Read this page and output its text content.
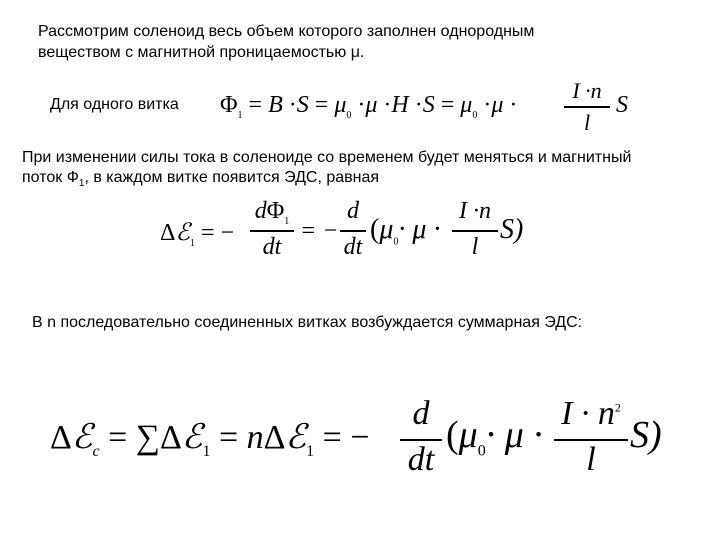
Рассмотрим соленоид весь объем которого заполнен однородным
веществом с магнитной проницаемостью μ.
Для одного витка $\Phi_1 = B \cdot S = \mu_0 \cdot\mu \cdot H \cdot S = \mu_0 \cdot\mu$ ·
I ·n
l
S
При изменении силы тока в соленоиде со временем будет меняться и магнитный
поток $Ф_1$, в каждом витке появится ЭДС, равная
Δℰ$_1$ = −
$d\Phi_1$
dt
= −
d
dt
($\mu_0\cdot \mu$ ·
I ·n
l
S)
В n последовательно соединенных витках возбуждается суммарная ЭДС:
Δℰ$_c$ = ∑Δℰ$_1$ = nΔℰ$_1$ = −
d
dt
($\mu_0\cdot \mu$ ·
$I \cdot n^2$
l
S)
